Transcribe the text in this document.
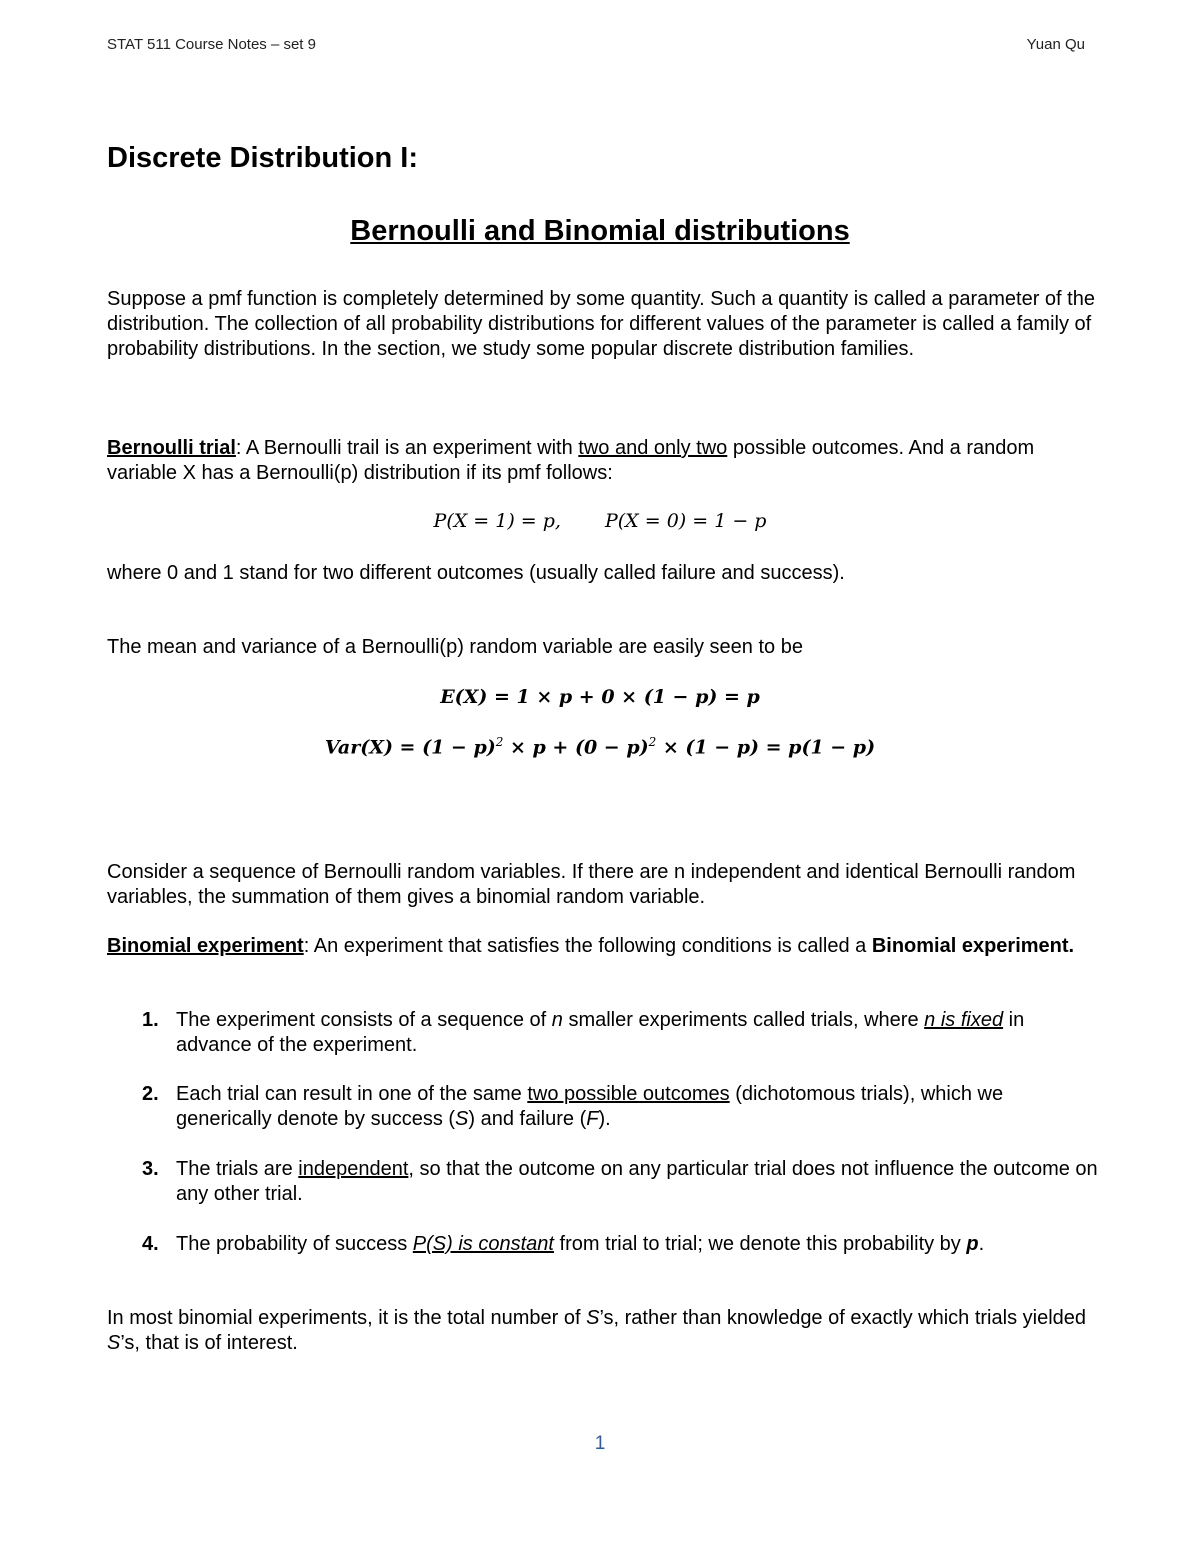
STAT 511 Course Notes – set 9	Yuan Qu
Discrete Distribution I:
Bernoulli and Binomial distributions

Suppose a pmf function is completely determined by some quantity. Such a quantity is called a parameter of the distribution. The collection of all probability distributions for different values of the parameter is called a family of probability distributions. In the section, we study some popular discrete distribution families.

Bernoulli trial: A Bernoulli trail is an experiment with two and only two possible outcomes. And a random variable X has a Bernoulli(p) distribution if its pmf follows:

P(X = 1) = p, P(X = 0) = 1 − p

where 0 and 1 stand for two different outcomes (usually called failure and success).

The mean and variance of a Bernoulli(p) random variable are easily seen to be

E(X) = 1 × p + 0 × (1 − p) = p
$Var(X) = (1 - p)^2 \times p + (0 - p)^2 \times (1 - p) = p(1 - p)$

Consider a sequence of Bernoulli random variables. If there are n independent and identical Bernoulli random variables, the summation of them gives a binomial random variable.

Binomial experiment: An experiment that satisfies the following conditions is called a Binomial experiment.

1. The experiment consists of a sequence of n smaller experiments called trials, where n is fixed in advance of the experiment.
2. Each trial can result in one of the same two possible outcomes (dichotomous trials), which we generically denote by success (S) and failure (F).
3. The trials are independent, so that the outcome on any particular trial does not influence the outcome on any other trial.
4. The probability of success P(S) is constant from trial to trial; we denote this probability by p.

In most binomial experiments, it is the total number of S’s, rather than knowledge of exactly which trials yielded S’s, that is of interest.

1
